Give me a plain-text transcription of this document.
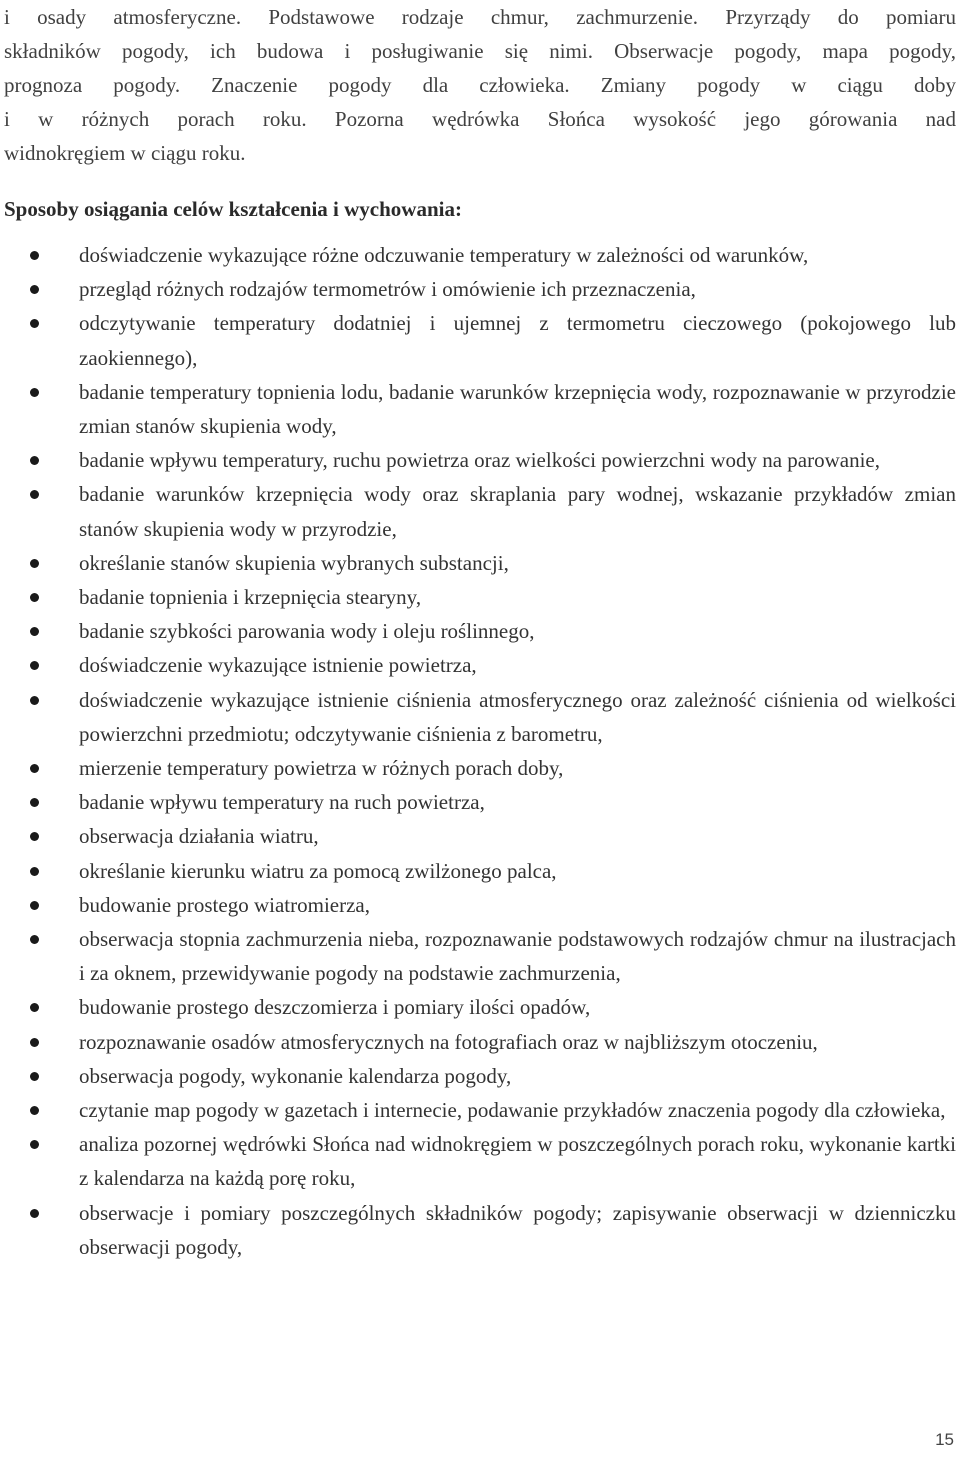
i osady atmosferyczne. Podstawowe rodzaje chmur, zachmurzenie. Przyrządy do pomiaru
składników pogody, ich budowa i posługiwanie się nimi. Obserwacje pogody, mapa pogody,
prognoza pogody. Znaczenie pogody dla człowieka. Zmiany pogody w ciągu doby
i w różnych porach roku. Pozorna wędrówka Słońca wysokość jego górowania nad
widnokręgiem w ciągu roku.
Sposoby osiągania celów kształcenia i wychowania:
doświadczenie wykazujące różne odczuwanie temperatury w zależności od warunków,
przegląd różnych rodzajów termometrów i omówienie ich przeznaczenia,
odczytywanie temperatury dodatniej i ujemnej z termometru cieczowego (pokojowego lub zaokiennego),
badanie temperatury topnienia lodu, badanie warunków krzepnięcia wody, rozpoznawanie w przyrodzie zmian stanów skupienia wody,
badanie wpływu temperatury, ruchu powietrza oraz wielkości powierzchni wody na parowanie,
badanie warunków krzepnięcia wody oraz skraplania pary wodnej, wskazanie przykładów zmian stanów skupienia wody w przyrodzie,
określanie stanów skupienia wybranych substancji,
badanie topnienia i krzepnięcia stearyny,
badanie szybkości parowania wody i oleju roślinnego,
doświadczenie wykazujące istnienie powietrza,
doświadczenie wykazujące istnienie ciśnienia atmosferycznego oraz zależność ciśnienia od wielkości powierzchni przedmiotu; odczytywanie ciśnienia z barometru,
mierzenie temperatury powietrza w różnych porach doby,
badanie wpływu temperatury na ruch powietrza,
obserwacja działania wiatru,
określanie kierunku wiatru za pomocą zwilżonego palca,
budowanie prostego wiatromierza,
obserwacja stopnia zachmurzenia nieba, rozpoznawanie podstawowych rodzajów chmur na ilustracjach i za oknem, przewidywanie pogody na podstawie zachmurzenia,
budowanie prostego deszczomierza i pomiary ilości opadów,
rozpoznawanie osadów atmosferycznych na fotografiach oraz w najbliższym otoczeniu,
obserwacja pogody, wykonanie kalendarza pogody,
czytanie map pogody w gazetach i internecie, podawanie przykładów znaczenia pogody dla człowieka,
analiza pozornej wędrówki Słońca nad widnokręgiem w poszczególnych porach roku, wykonanie kartki z kalendarza na każdą porę roku,
obserwacje i pomiary poszczególnych składników pogody; zapisywanie obserwacji w dzienniczku obserwacji pogody,
15
